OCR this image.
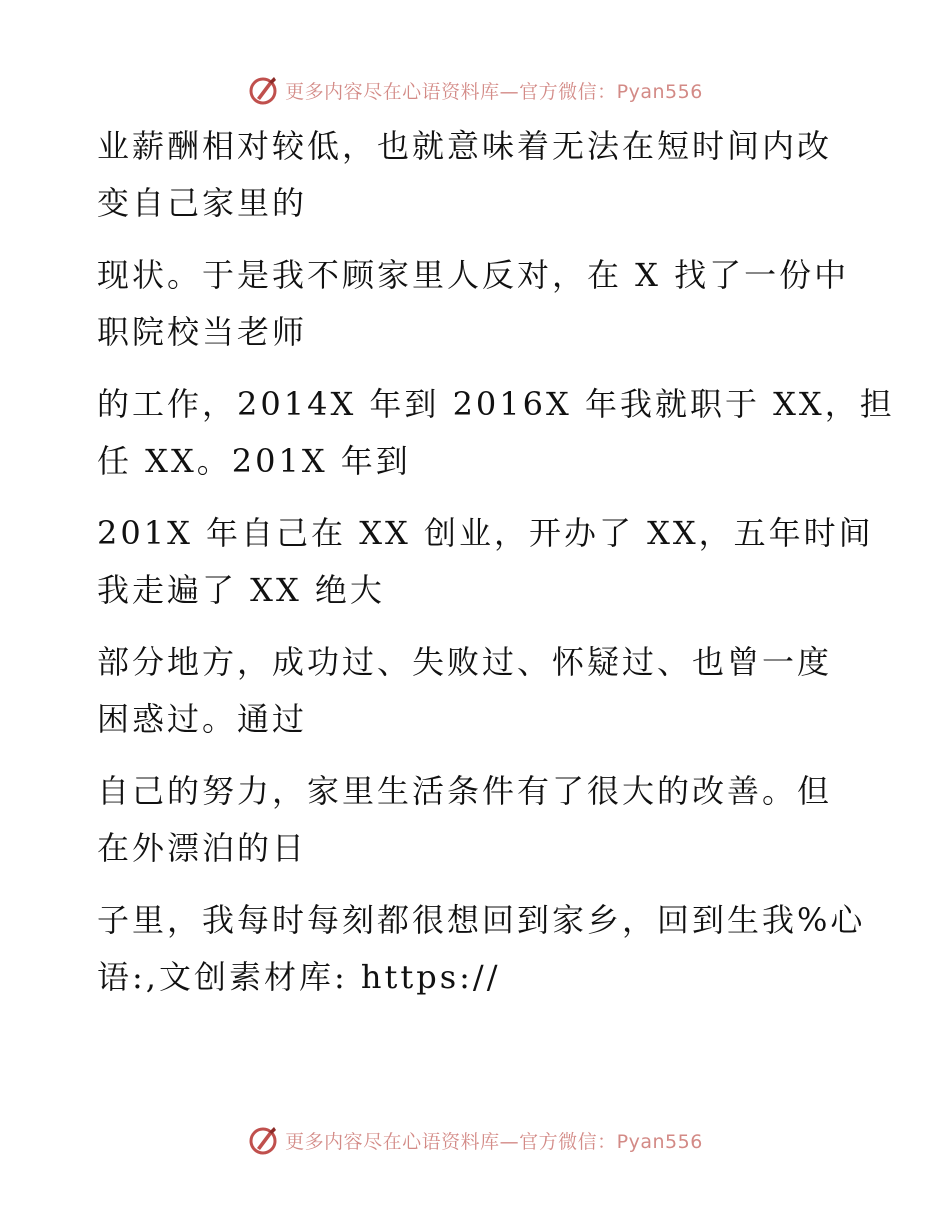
更多内容尽在心语资料库—官方微信：Pyan556

业薪酬相对较低，也就意味着无法在短时间内改

变自己家里的

现状。于是我不顾家里人反对，在 X 找了一份中

职院校当老师

的工作，2014X 年到 2016X 年我就职于 XX，担

任 XX。201X 年到

201X 年自己在 XX 创业，开办了 XX，五年时间

我走遍了 XX 绝大

部分地方，成功过、失败过、怀疑过、也曾一度

困惑过。通过

自己的努力，家里生活条件有了很大的改善。但

在外漂泊的日

子里，我每时每刻都很想回到家乡，回到生我%心

语:,文创素材库: https://

更多内容尽在心语资料库—官方微信：Pyan556
